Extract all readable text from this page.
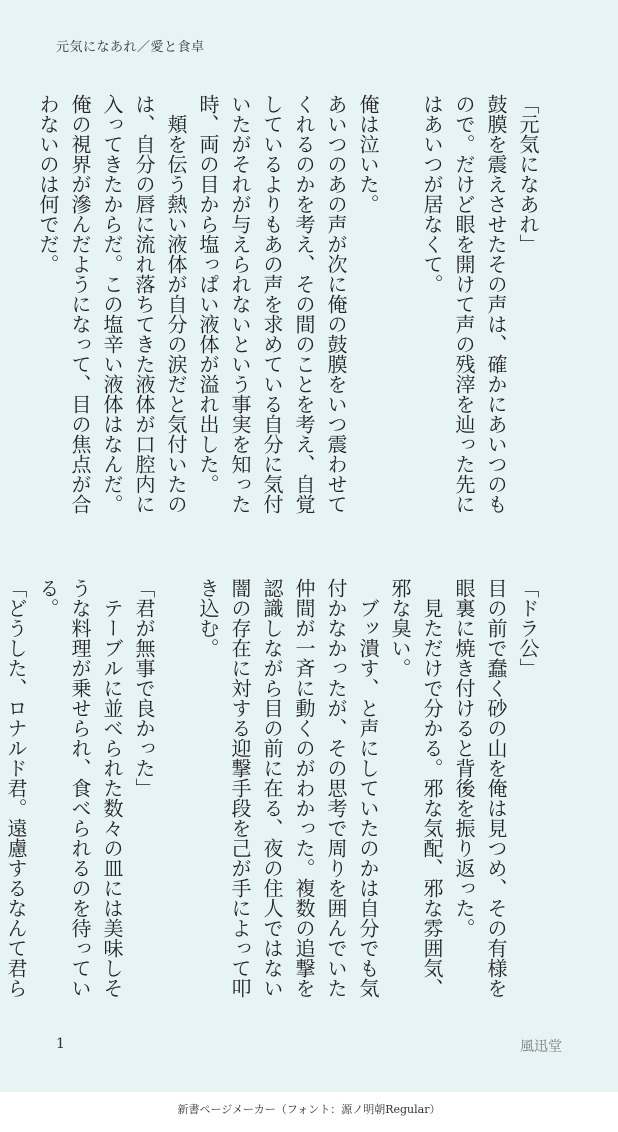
元気になあれ／愛と食卓

「元気になあれ」

鼓膜を震えさせたその声は、確かにあいつのもので。だけど眼を開けて声の残滓を辿った先にはあいつが居なくて。

俺は泣いた。

あいつのあの声が次に俺の鼓膜をいつ震わせてくれるのかを考え、その間のことを考え、自覚しているよりもあの声を求めている自分に気付いたがそれが与えられないという事実を知った時、両の目から塩っぱい液体が溢れ出した。

　頬を伝う熱い液体が自分の涙だと気付いたのは、自分の唇に流れ落ちてきた液体が口腔内に入ってきたからだ。この塩辛い液体はなんだ。俺の視界が滲んだようになって、目の焦点が合わないのは何でだ。

「ドラ公」

目の前で蠢く砂の山を俺は見つめ、その有様を眼裏に焼き付けると背後を振り返った。

　見ただけで分かる。邪な気配、邪な雰囲気、邪な臭い。

　ブッ潰す、と声にしていたのかは自分でも気付かなかったが、その思考で周りを囲んでいた仲間が一斉に動くのがわかった。複数の追撃を認識しながら目の前に在る、夜の住人ではない闇の存在に対する迎撃手段を己が手によって叩き込む。

「君が無事で良かった」

　テーブルに並べられた数々の皿には美味しそうな料理が乗せられ、食べられるのを待っている。

「どうした、ロナルド君。遠慮するなんて君ら

1	風迅堂
新書ページメーカー（フォント：源ノ明朝Regular）
